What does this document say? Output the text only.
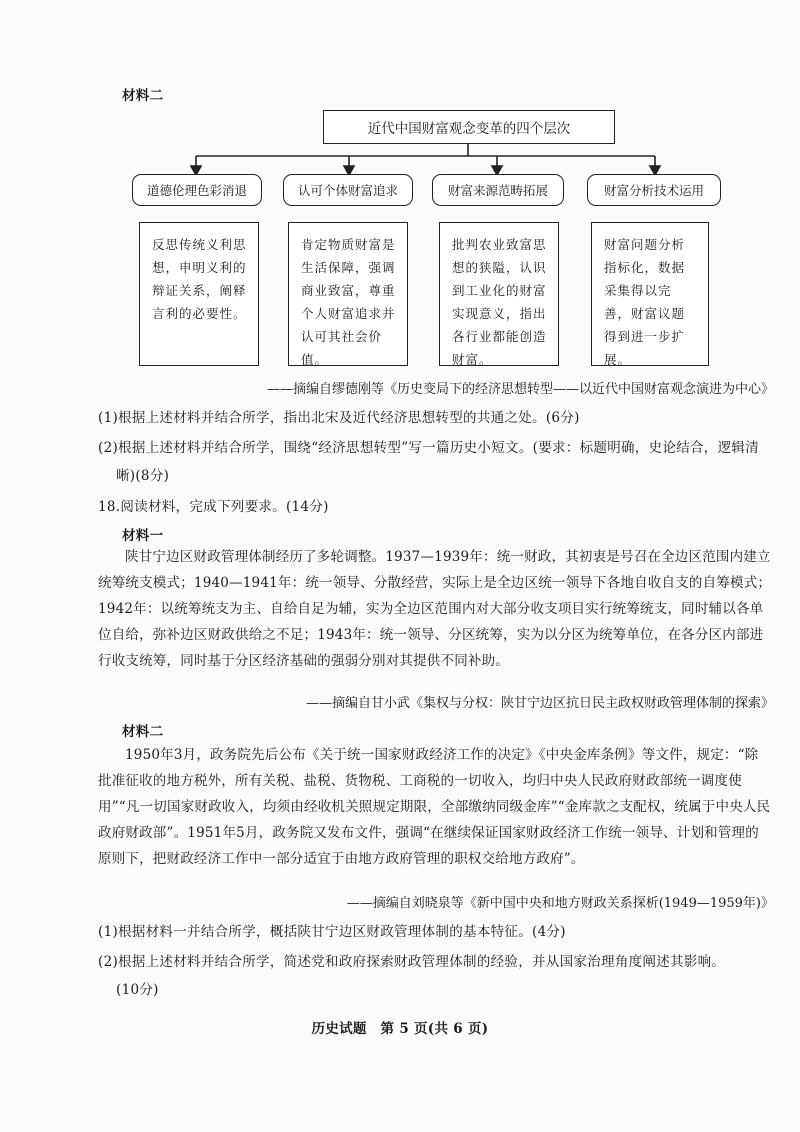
材料二
近代中国财富观念变革的四个层次
道德伦理色彩消退	认可个体财富追求	财富来源范畴拓展	财富分析技术运用
反思传统义利思想，申明义利的辩证关系，阐释言利的必要性。
肯定物质财富是生活保障，强调商业致富，尊重个人财富追求并认可其社会价值。
批判农业致富思想的狭隘，认识到工业化的财富实现意义，指出各行业都能创造财富。
财富问题分析指标化，数据采集得以完善，财富议题得到进一步扩展。
——摘编自缪德刚等《历史变局下的经济思想转型——以近代中国财富观念演进为中心》
(1)根据上述材料并结合所学，指出北宋及近代经济思想转型的共通之处。(6分)
(2)根据上述材料并结合所学，围绕“经济思想转型”写一篇历史小短文。(要求：标题明确，史论结合，逻辑清
晰)(8分)
18.阅读材料，完成下列要求。(14分)
材料一

陕甘宁边区财政管理体制经历了多轮调整。1937—1939年：统一财政，其初衷是号召在全边区范围内建立统筹统支模式；1940—1941年：统一领导、分散经营，实际上是全边区统一领导下各地自收自支的自筹模式；1942年：以统筹统支为主、自给自足为辅，实为全边区范围内对大部分收支项目实行统筹统支，同时辅以各单位自给，弥补边区财政供给之不足；1943年：统一领导、分区统筹，实为以分区为统筹单位，在各分区内部进行收支统筹，同时基于分区经济基础的强弱分别对其提供不同补助。

——摘编自甘小武《集权与分权：陕甘宁边区抗日民主政权财政管理体制的探索》
材料二

1950年3月，政务院先后公布《关于统一国家财政经济工作的决定》《中央金库条例》等文件，规定：“除批准征收的地方税外，所有关税、盐税、货物税、工商税的一切收入，均归中央人民政府财政部统一调度使用”“凡一切国家财政收入，均须由经收机关照规定期限，全部缴纳同级金库”“金库款之支配权，统属于中央人民政府财政部”。1951年5月，政务院又发布文件，强调“在继续保证国家财政经济工作统一领导、计划和管理的原则下，把财政经济工作中一部分适宜于由地方政府管理的职权交给地方政府”。

——摘编自刘晓泉等《新中国中央和地方财政关系探析(1949—1959年)》
(1)根据材料一并结合所学，概括陕甘宁边区财政管理体制的基本特征。(4分)
(2)根据上述材料并结合所学，简述党和政府探索财政管理体制的经验，并从国家治理角度阐述其影响。
(10分)
历史试题　第 5 页(共 6 页)
